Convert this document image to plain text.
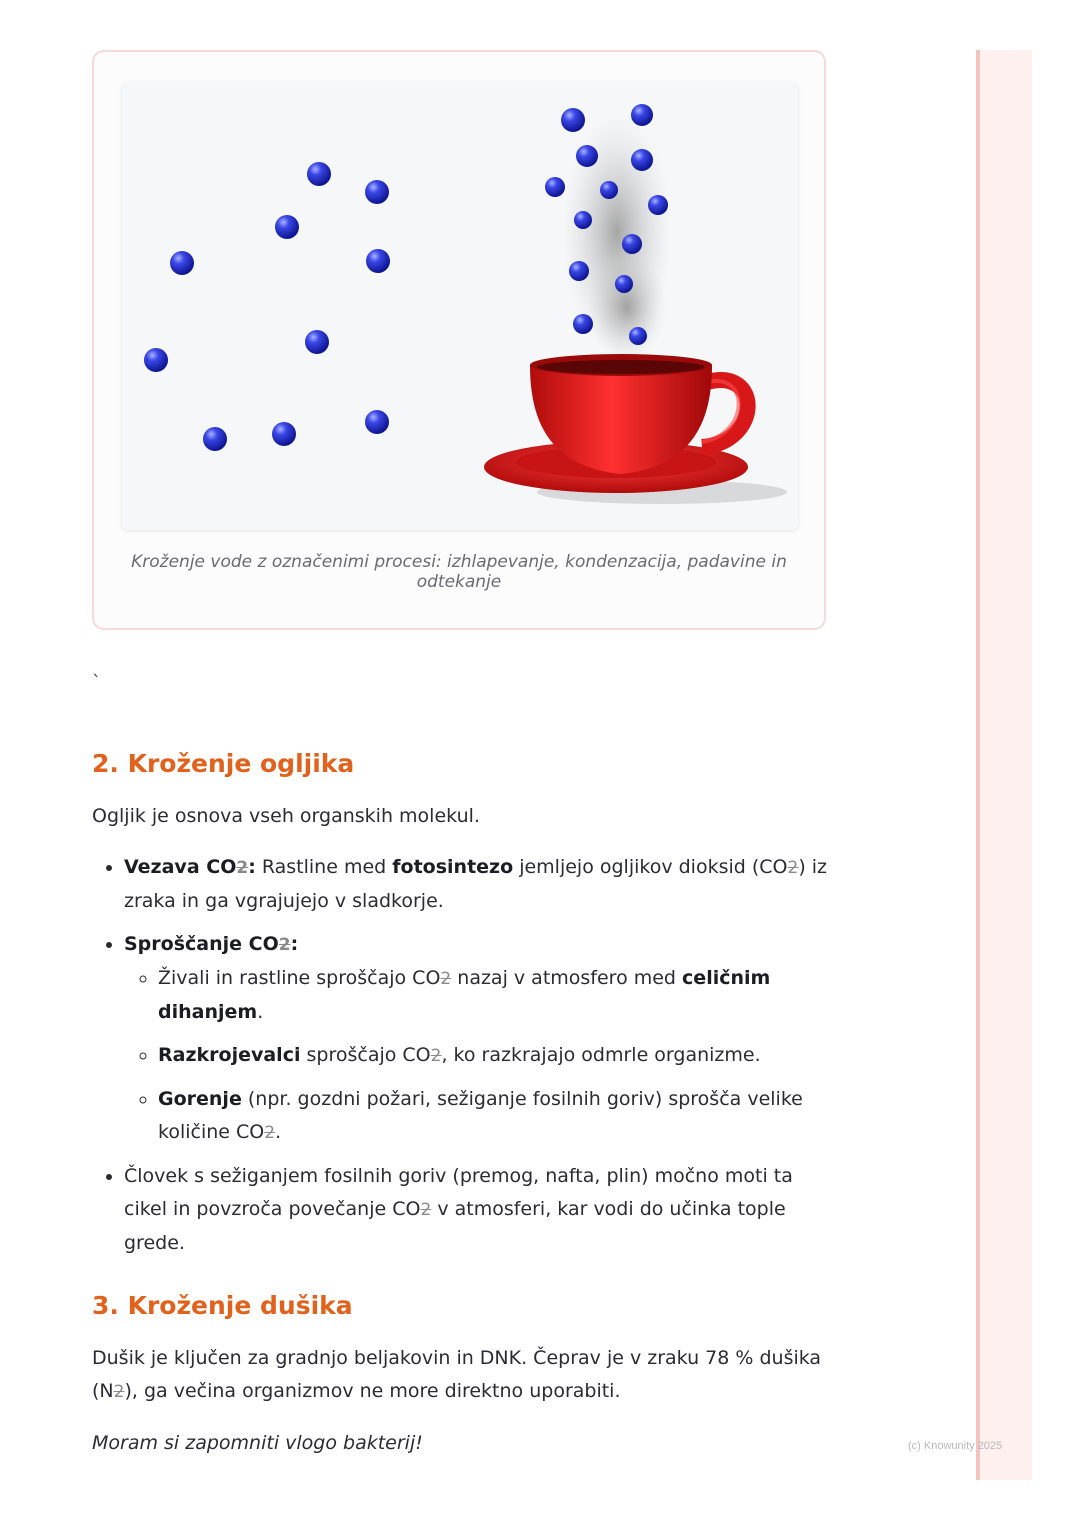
(c) Knowunity 2025
Kroženje vode z označenimi procesi: izhlapevanje, kondenzacija, padavine in odtekanje
`
2. Kroženje ogljika

Ogljik je osnova vseh organskih molekul.

• Vezava CO2: Rastline med fotosintezo jemljejo ogljikov dioksid (CO2) iz zraka in ga vgrajujejo v sladkorje.
• Sproščanje CO2:
◦ Živali in rastline sproščajo CO2 nazaj v atmosfero med celičnim dihanjem.
◦ Razkrojevalci sproščajo CO2, ko razkrajajo odmrle organizme.
◦ Gorenje (npr. gozdni požari, sežiganje fosilnih goriv) sprošča velike količine CO2.
• Človek s sežiganjem fosilnih goriv (premog, nafta, plin) močno moti ta cikel in povzroča povečanje CO2 v atmosferi, kar vodi do učinka tople grede.
3. Kroženje dušika

Dušik je ključen za gradnjo beljakovin in DNK. Čeprav je v zraku 78 % dušika (N2), ga večina organizmov ne more direktno uporabiti.

Moram si zapomniti vlogo bakterij!
